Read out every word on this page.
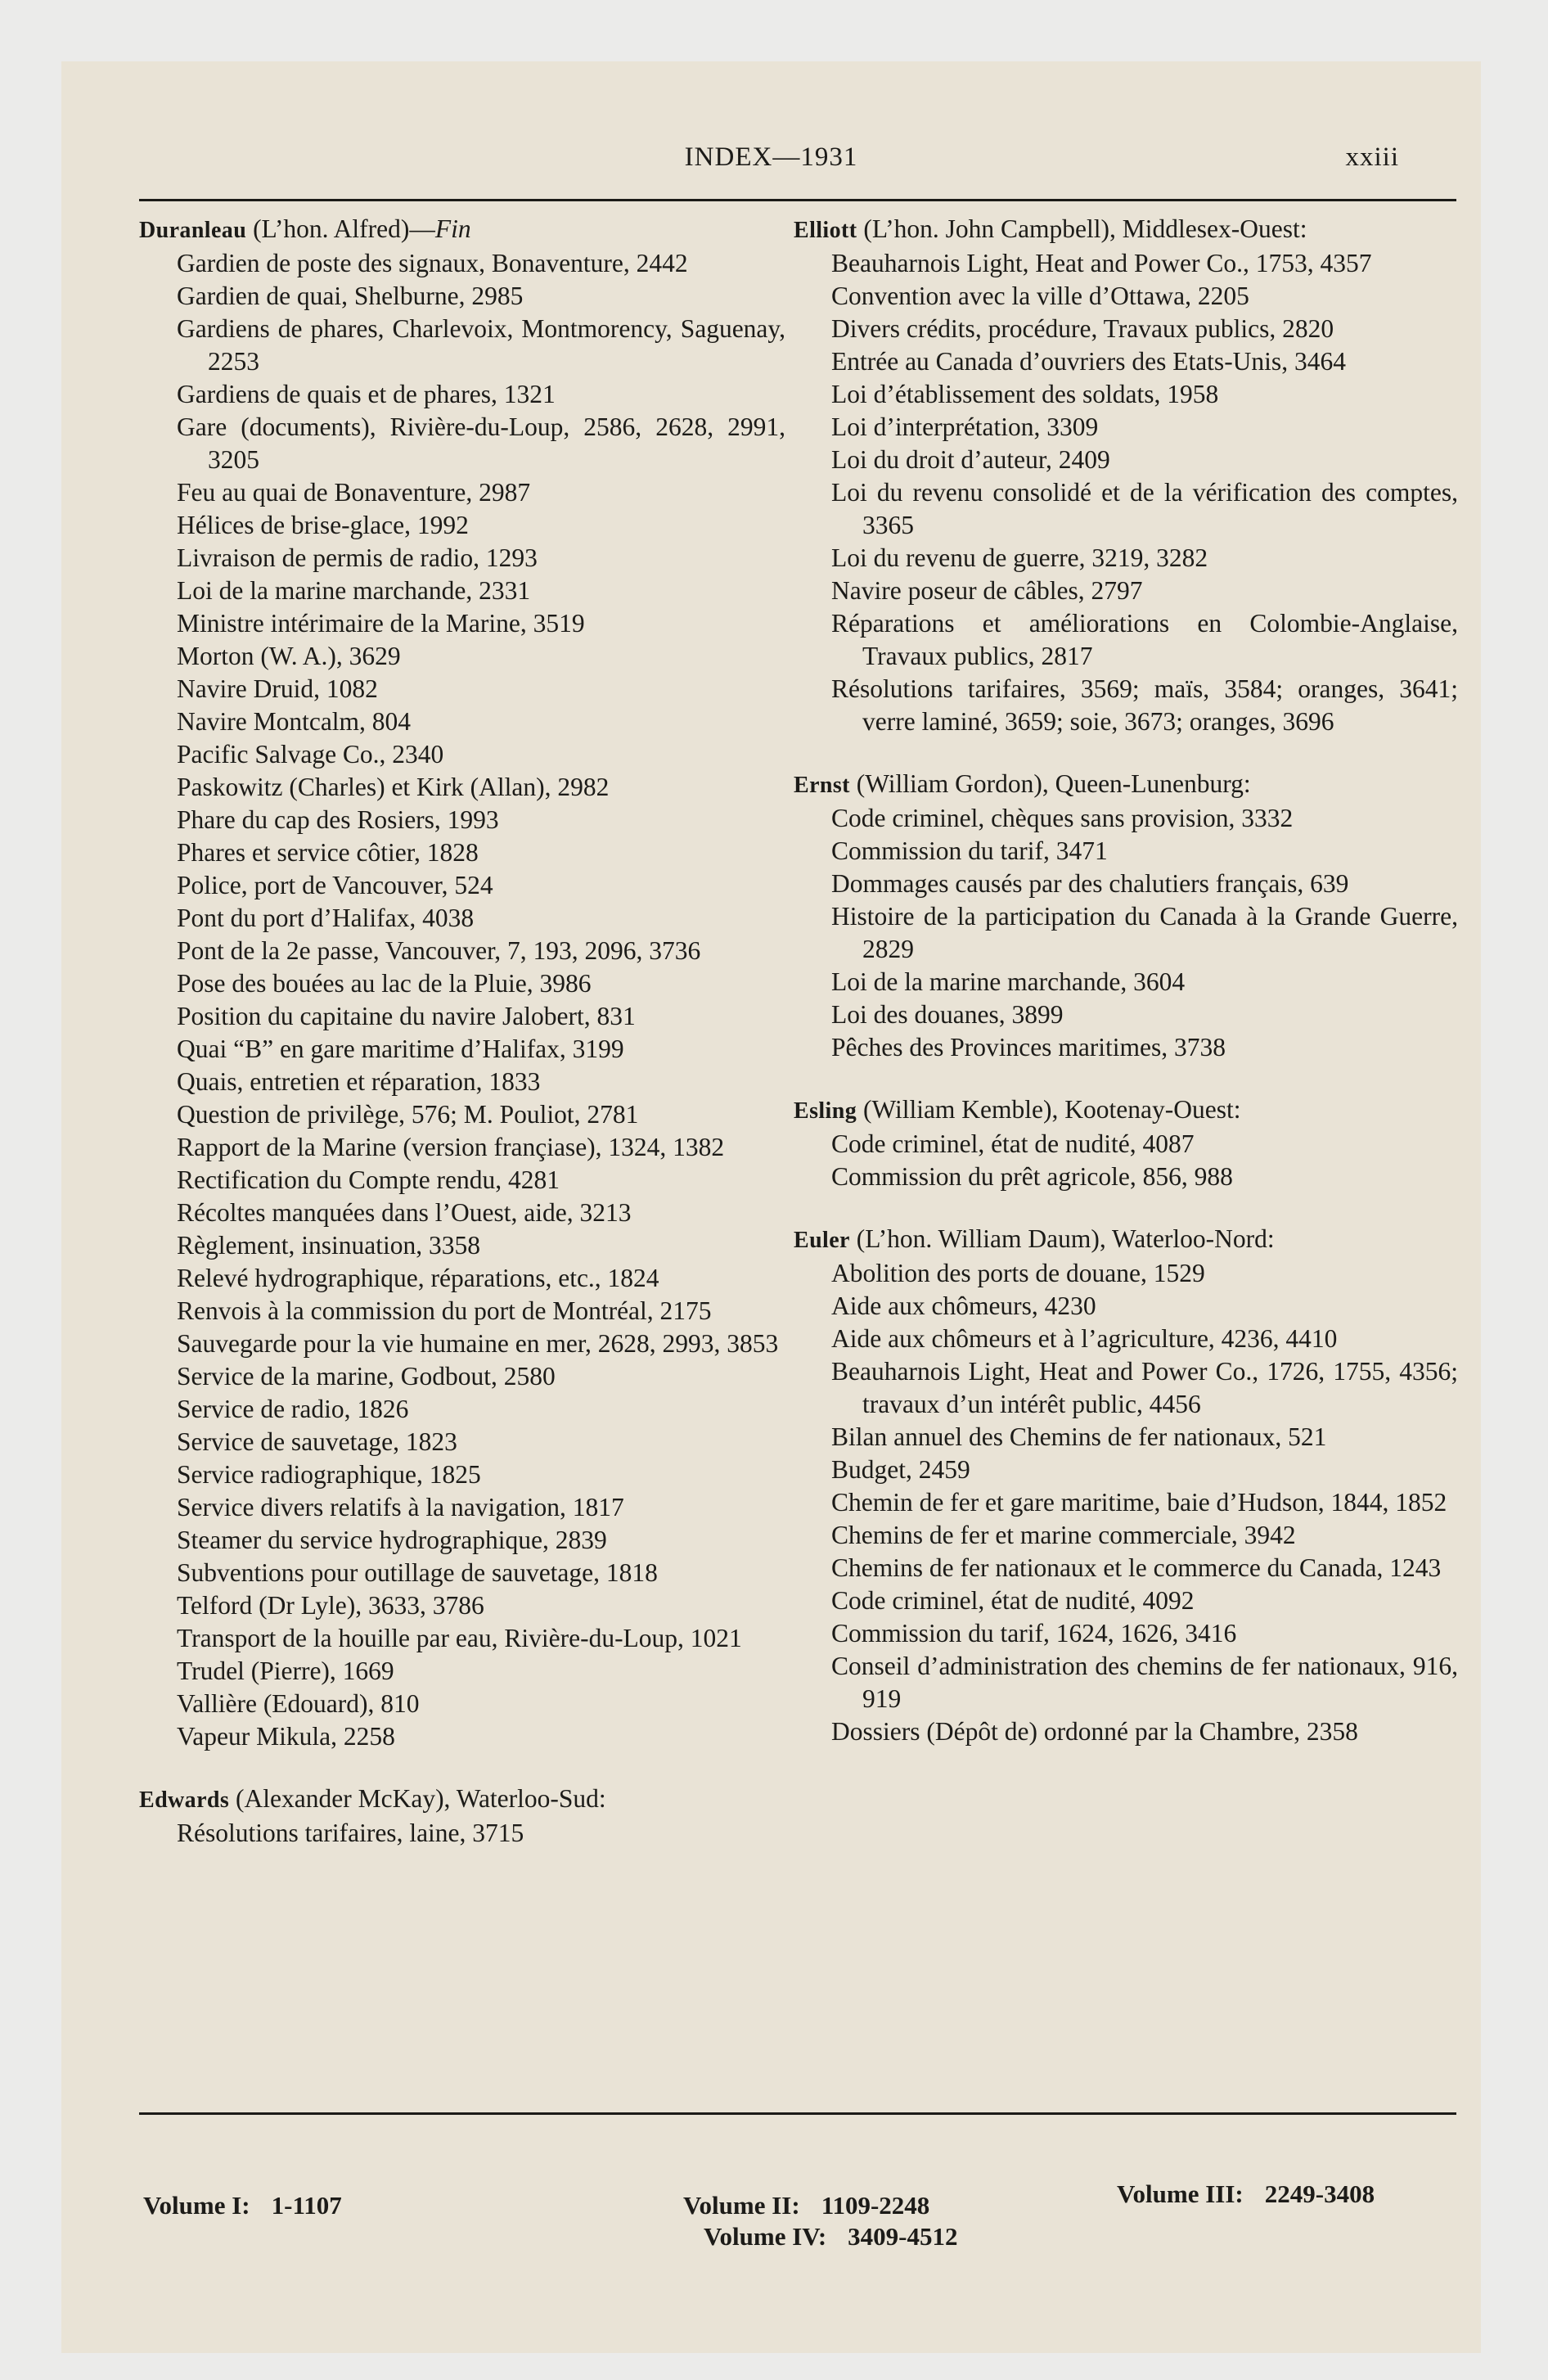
INDEX—1931	xxiii
Duranleau (L’hon. Alfred)—Fin
Gardien de poste des signaux, Bonaventure, 2442
Gardien de quai, Shelburne, 2985
Gardiens de phares, Charlevoix, Montmorency, Saguenay, 2253
Gardiens de quais et de phares, 1321
Gare (documents), Rivière-du-Loup, 2586, 2628, 2991, 3205
Feu au quai de Bonaventure, 2987
Hélices de brise-glace, 1992
Livraison de permis de radio, 1293
Loi de la marine marchande, 2331
Ministre intérimaire de la Marine, 3519
Morton (W. A.), 3629
Navire Druid, 1082
Navire Montcalm, 804
Pacific Salvage Co., 2340
Paskowitz (Charles) et Kirk (Allan), 2982
Phare du cap des Rosiers, 1993
Phares et service côtier, 1828
Police, port de Vancouver, 524
Pont du port d’Halifax, 4038
Pont de la 2e passe, Vancouver, 7, 193, 2096, 3736
Pose des bouées au lac de la Pluie, 3986
Position du capitaine du navire Jalobert, 831
Quai “B” en gare maritime d’Halifax, 3199
Quais, entretien et réparation, 1833
Question de privilège, 576; M. Pouliot, 2781
Rapport de la Marine (version françiase), 1324, 1382
Rectification du Compte rendu, 4281
Récoltes manquées dans l’Ouest, aide, 3213
Règlement, insinuation, 3358
Relevé hydrographique, réparations, etc., 1824
Renvois à la commission du port de Montréal, 2175
Sauvegarde pour la vie humaine en mer, 2628, 2993, 3853
Service de la marine, Godbout, 2580
Service de radio, 1826
Service de sauvetage, 1823
Service radiographique, 1825
Service divers relatifs à la navigation, 1817
Steamer du service hydrographique, 2839
Subventions pour outillage de sauvetage, 1818
Telford (Dr Lyle), 3633, 3786
Transport de la houille par eau, Rivière-du-Loup, 1021
Trudel (Pierre), 1669
Vallière (Edouard), 810
Vapeur Mikula, 2258
Edwards (Alexander McKay), Waterloo-Sud:
Résolutions tarifaires, laine, 3715
Elliott (L’hon. John Campbell), Middlesex-Ouest:
Beauharnois Light, Heat and Power Co., 1753, 4357
Convention avec la ville d’Ottawa, 2205
Divers crédits, procédure, Travaux publics, 2820
Entrée au Canada d’ouvriers des Etats-Unis, 3464
Loi d’établissement des soldats, 1958
Loi d’interprétation, 3309
Loi du droit d’auteur, 2409
Loi du revenu consolidé et de la vérification des comptes, 3365
Loi du revenu de guerre, 3219, 3282
Navire poseur de câbles, 2797
Réparations et améliorations en Colombie-Anglaise, Travaux publics, 2817
Résolutions tarifaires, 3569; maïs, 3584; oranges, 3641; verre laminé, 3659; soie, 3673; oranges, 3696
Ernst (William Gordon), Queen-Lunenburg:
Code criminel, chèques sans provision, 3332
Commission du tarif, 3471
Dommages causés par des chalutiers français, 639
Histoire de la participation du Canada à la Grande Guerre, 2829
Loi de la marine marchande, 3604
Loi des douanes, 3899
Pêches des Provinces maritimes, 3738
Esling (William Kemble), Kootenay-Ouest:
Code criminel, état de nudité, 4087
Commission du prêt agricole, 856, 988
Euler (L’hon. William Daum), Waterloo-Nord:
Abolition des ports de douane, 1529
Aide aux chômeurs, 4230
Aide aux chômeurs et à l’agriculture, 4236, 4410
Beauharnois Light, Heat and Power Co., 1726, 1755, 4356; travaux d’un intérêt public, 4456
Bilan annuel des Chemins de fer nationaux, 521
Budget, 2459
Chemin de fer et gare maritime, baie d’Hudson, 1844, 1852
Chemins de fer et marine commerciale, 3942
Chemins de fer nationaux et le commerce du Canada, 1243
Code criminel, état de nudité, 4092
Commission du tarif, 1624, 1626, 3416
Conseil d’administration des chemins de fer nationaux, 916, 919
Dossiers (Dépôt de) ordonné par la Chambre, 2358
Volume I: 1-1107	Volume II: 1109-2248	Volume III: 2249-3408
Volume IV: 3409-4512
